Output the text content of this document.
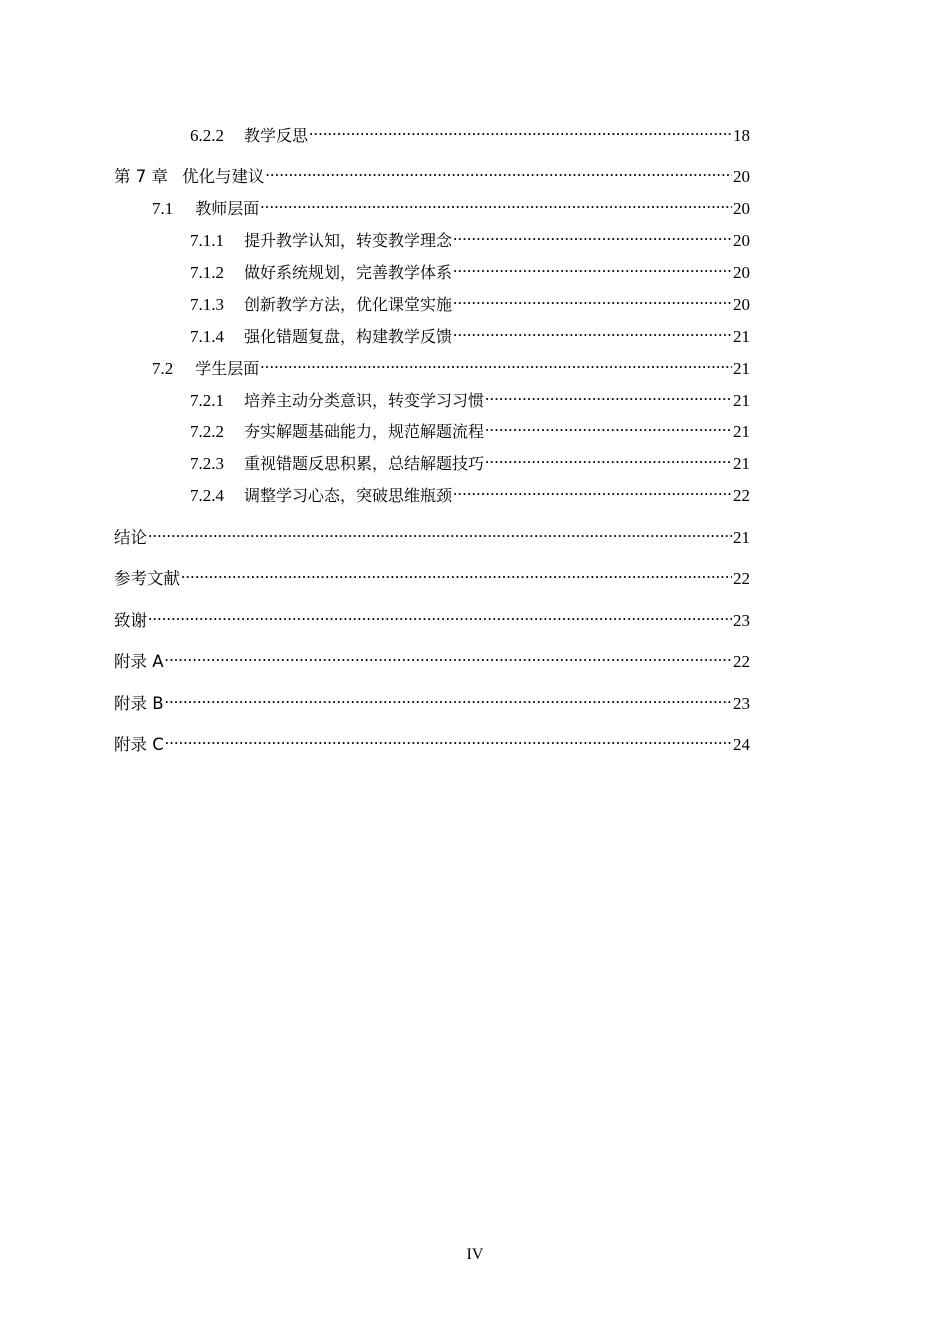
6.2.2 教学反思 .....	18
第 7 章 优化与建议 .....	20
7.1 教师层面 .....	20
7.1.1 提升教学认知，转变教学理念 .....	20
7.1.2 做好系统规划，完善教学体系 .....	20
7.1.3 创新教学方法，优化课堂实施 .....	20
7.1.4 强化错题复盘，构建教学反馈 .....	21
7.2 学生层面 .....	21
7.2.1 培养主动分类意识，转变学习习惯 .....	21
7.2.2 夯实解题基础能力，规范解题流程 .....	21
7.2.3 重视错题反思积累，总结解题技巧 .....	21
7.2.4 调整学习心态，突破思维瓶颈 .....	22
结论 .....	21
参考文献 .....	22
致谢 .....	23
附录 A .....	22
附录 B .....	23
附录 C .....	24
IV
